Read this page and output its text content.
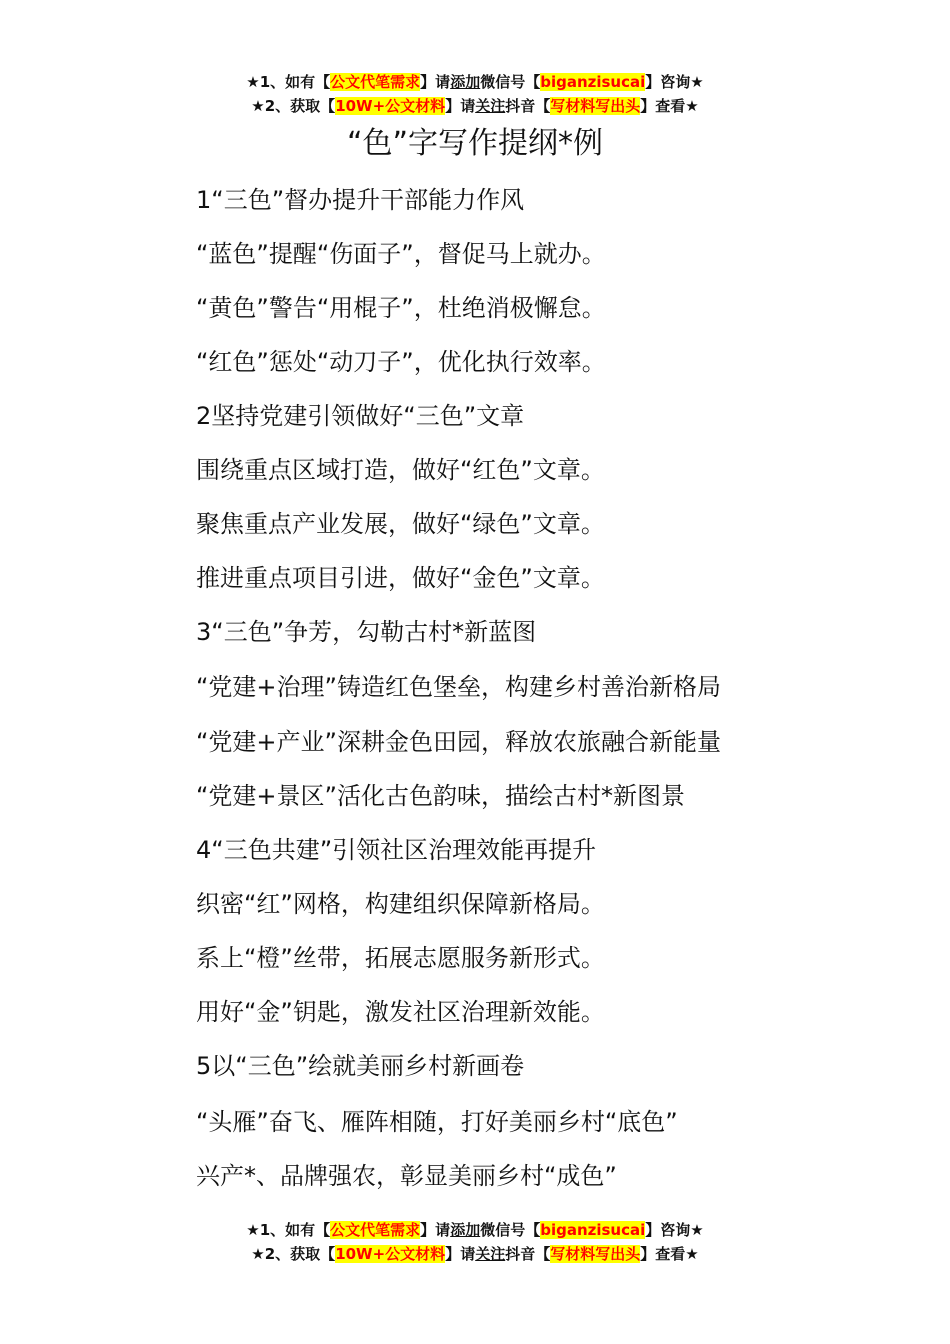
★1、如有【公文代笔需求】请添加微信号【biganzisucai】咨询★
★2、获取【10W+公文材料】请关注抖音【写材料写出头】查看★
“色”字写作提纲*例
1“三色”督办提升干部能力作风
“蓝色”提醒“伤面子”，督促马上就办。
“黄色”警告“用棍子”，杜绝消极懈怠。
“红色”惩处“动刀子”，优化执行效率。
2坚持党建引领做好“三色”文章
围绕重点区域打造，做好“红色”文章。
聚焦重点产业发展，做好“绿色”文章。
推进重点项目引进，做好“金色”文章。
3“三色”争芳，勾勒古村*新蓝图
“党建+治理”铸造红色堡垒，构建乡村善治新格局
“党建+产业”深耕金色田园，释放农旅融合新能量
“党建+景区”活化古色韵味，描绘古村*新图景
4“三色共建”引领社区治理效能再提升
织密“红”网格，构建组织保障新格局。
系上“橙”丝带，拓展志愿服务新形式。
用好“金”钥匙，激发社区治理新效能。
5以“三色”绘就美丽乡村新画卷
“头雁”奋飞、雁阵相随，打好美丽乡村“底色”
兴产*、品牌强农，彰显美丽乡村“成色”
★1、如有【公文代笔需求】请添加微信号【biganzisucai】咨询★
★2、获取【10W+公文材料】请关注抖音【写材料写出头】查看★
